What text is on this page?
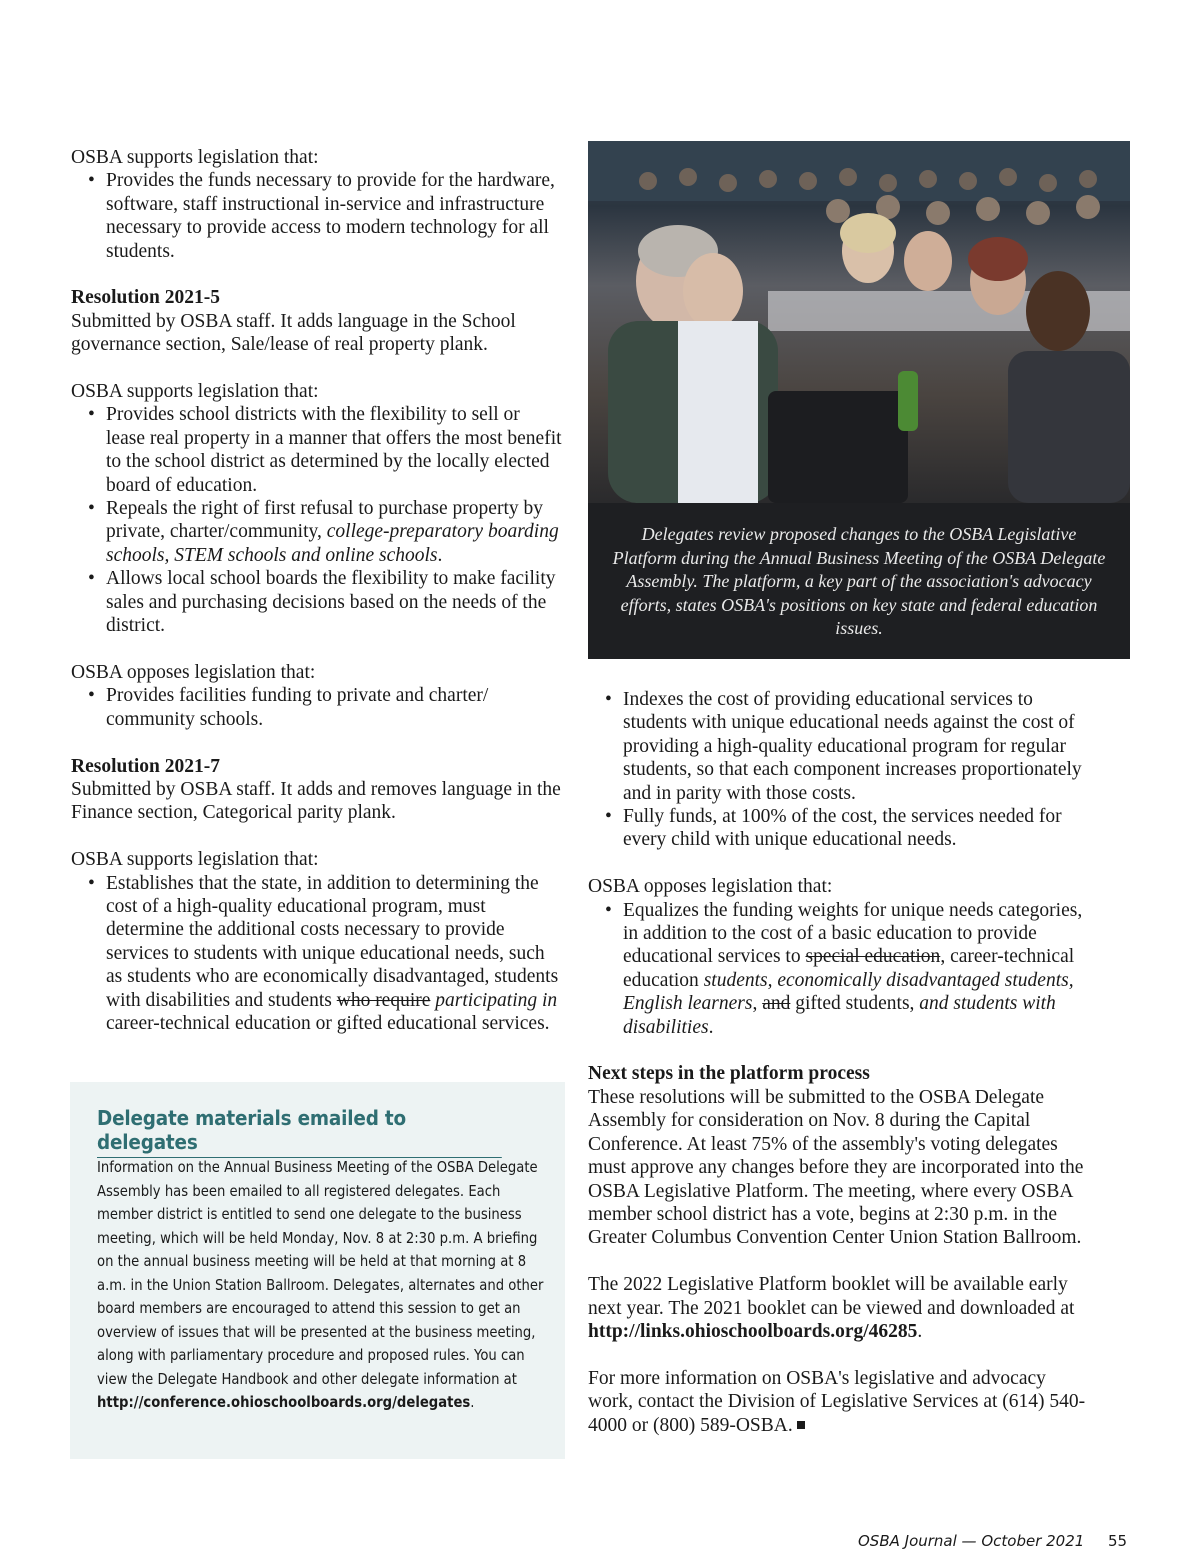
OSBA supports legislation that:

• Provides the funds necessary to provide for the hardware, software, staff instructional in-service and infrastructure necessary to provide access to modern technology for all students.

Resolution 2021-5

Submitted by OSBA staff. It adds language in the School governance section, Sale/lease of real property plank.

OSBA supports legislation that:

• Provides school districts with the flexibility to sell or lease real property in a manner that offers the most benefit to the school district as determined by the locally elected board of education.
• Repeals the right of first refusal to purchase property by private, charter/community, college-preparatory boarding schools, STEM schools and online schools.
• Allows local school boards the flexibility to make facility sales and purchasing decisions based on the needs of the district.

OSBA opposes legislation that:

• Provides facilities funding to private and charter/ community schools.

Resolution 2021-7

Submitted by OSBA staff. It adds and removes language in the Finance section, Categorical parity plank.

OSBA supports legislation that:

• Establishes that the state, in addition to determining the cost of a high-quality educational program, must determine the additional costs necessary to provide services to students with unique educational needs, such as students who are economically disadvantaged, students with disabilities and students who require participating in career-technical education or gifted educational services.

Delegates review proposed changes to the OSBA Legislative Platform during the Annual Business Meeting of the OSBA Delegate Assembly. The platform, a key part of the association's advocacy efforts, states OSBA's positions on key state and federal education issues.

• Indexes the cost of providing educational services to students with unique educational needs against the cost of providing a high-quality educational program for regular students, so that each component increases proportionately and in parity with those costs.
• Fully funds, at 100% of the cost, the services needed for every child with unique educational needs.

OSBA opposes legislation that:

• Equalizes the funding weights for unique needs categories, in addition to the cost of a basic education to provide educational services to special education, career-technical education students, economically disadvantaged students, English learners, and gifted students, and students with disabilities.

Next steps in the platform process

These resolutions will be submitted to the OSBA Delegate Assembly for consideration on Nov. 8 during the Capital Conference. At least 75% of the assembly's voting delegates must approve any changes before they are incorporated into the OSBA Legislative Platform. The meeting, where every OSBA member school district has a vote, begins at 2:30 p.m. in the Greater Columbus Convention Center Union Station Ballroom.

The 2022 Legislative Platform booklet will be available early next year. The 2021 booklet can be viewed and downloaded at http://links.ohioschoolboards.org/46285.

For more information on OSBA's legislative and advocacy work, contact the Division of Legislative Services at (614) 540-4000 or (800) 589-OSBA.

Delegate materials emailed to delegates

Information on the Annual Business Meeting of the OSBA Delegate Assembly has been emailed to all registered delegates. Each member district is entitled to send one delegate to the business meeting, which will be held Monday, Nov. 8 at 2:30 p.m. A briefing on the annual business meeting will be held at that morning at 8 a.m. in the Union Station Ballroom. Delegates, alternates and other board members are encouraged to attend this session to get an overview of issues that will be presented at the business meeting, along with parliamentary procedure and proposed rules. You can view the Delegate Handbook and other delegate information at http://conference.ohioschoolboards.org/delegates.

OSBA Journal — October 2021 55
